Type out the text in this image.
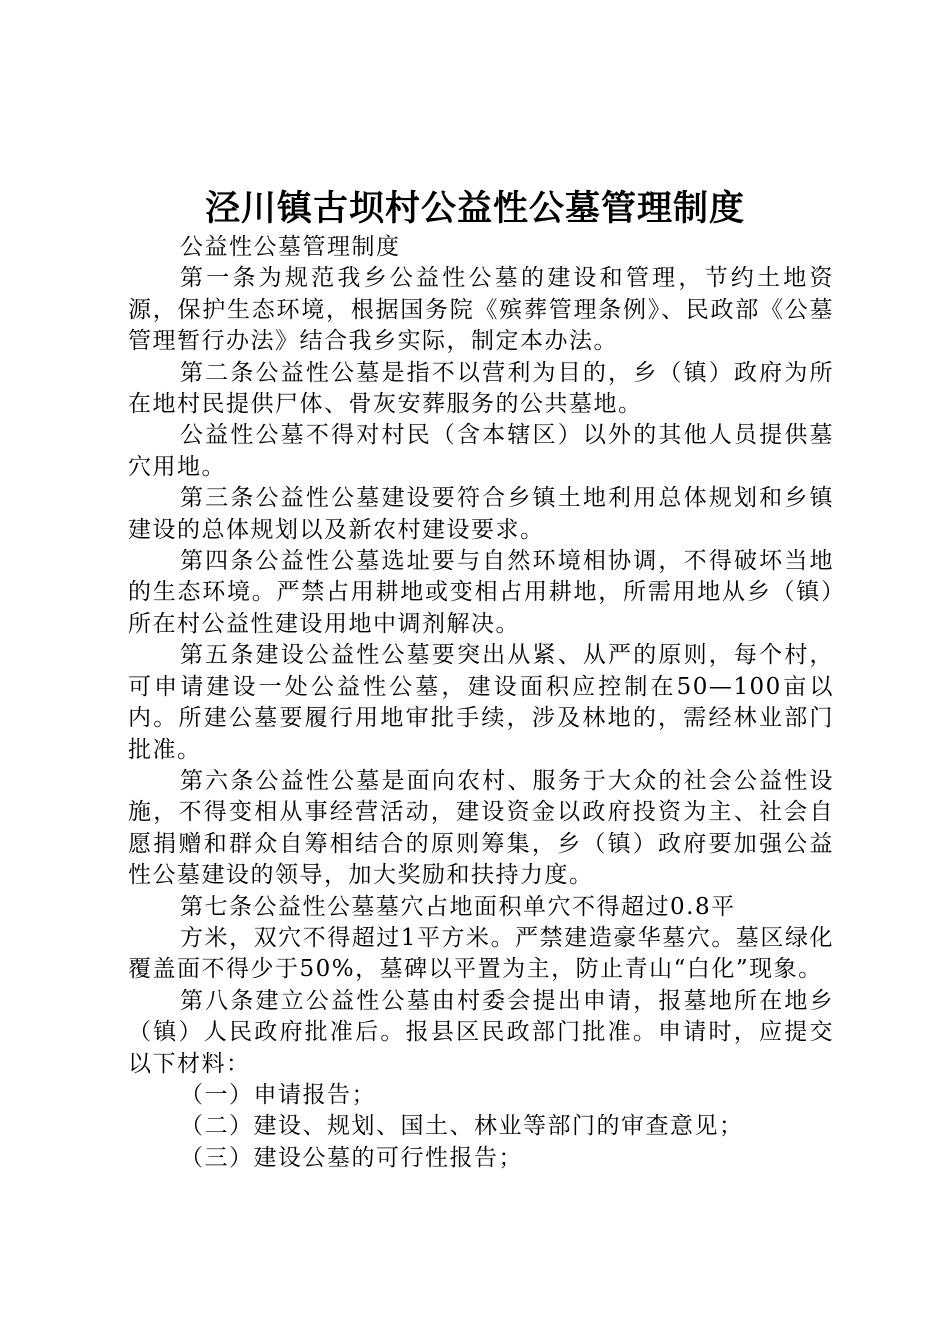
泾川镇古坝村公益性公墓管理制度

公益性公墓管理制度

第一条为规范我乡公益性公墓的建设和管理，节约土地资源，保护生态环境，根据国务院《殡葬管理条例》、民政部《公墓管理暂行办法》结合我乡实际，制定本办法。

第二条公益性公墓是指不以营利为目的，乡（镇）政府为所在地村民提供尸体、骨灰安葬服务的公共墓地。

公益性公墓不得对村民（含本辖区）以外的其他人员提供墓穴用地。

第三条公益性公墓建设要符合乡镇土地利用总体规划和乡镇建设的总体规划以及新农村建设要求。

第四条公益性公墓选址要与自然环境相协调，不得破坏当地的生态环境。严禁占用耕地或变相占用耕地，所需用地从乡（镇）所在村公益性建设用地中调剂解决。

第五条建设公益性公墓要突出从紧、从严的原则，每个村，可申请建设一处公益性公墓，建设面积应控制在50—100亩以内。所建公墓要履行用地审批手续，涉及林地的，需经林业部门批准。

第六条公益性公墓是面向农村、服务于大众的社会公益性设施，不得变相从事经营活动，建设资金以政府投资为主、社会自愿捐赠和群众自筹相结合的原则筹集，乡（镇）政府要加强公益性公墓建设的领导，加大奖励和扶持力度。

第七条公益性公墓墓穴占地面积单穴不得超过0.8平

方米，双穴不得超过1平方米。严禁建造豪华墓穴。墓区绿化覆盖面不得少于50%，墓碑以平置为主，防止青山“白化”现象。

第八条建立公益性公墓由村委会提出申请，报墓地所在地乡（镇）人民政府批准后。报县区民政部门批准。申请时，应提交以下材料：

（一）申请报告；

（二）建设、规划、国土、林业等部门的审查意见；

（三）建设公墓的可行性报告；
